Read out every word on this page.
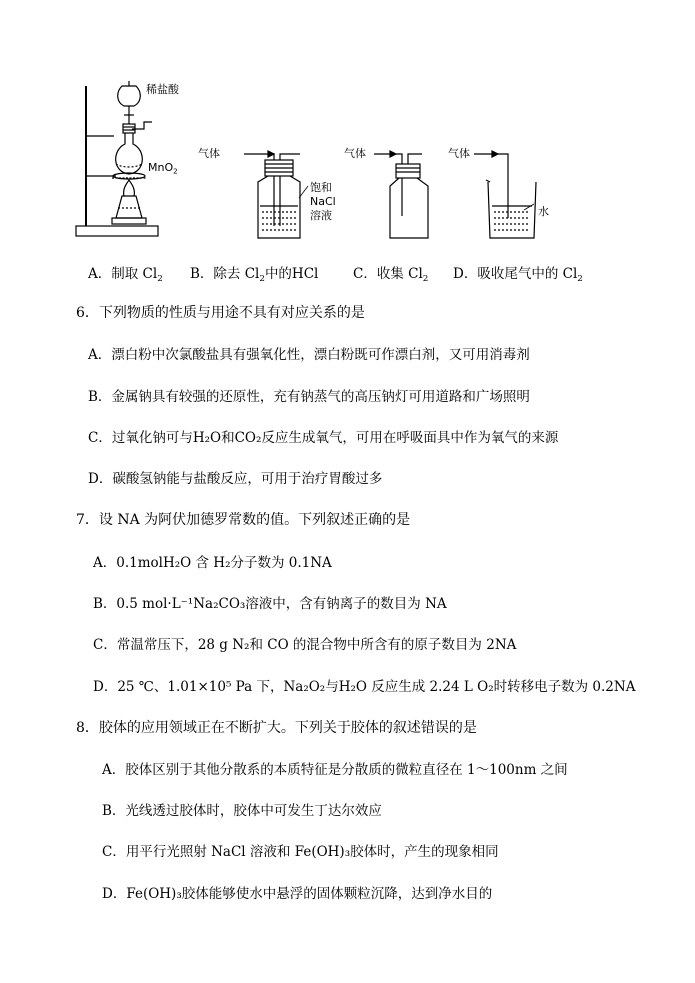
稀盐酸
MnO$_2$
气体
饱和
NaCl
溶液
气体	气体
水
A．制取 $Cl_2$ B．除去 $Cl_2$中的HCl	C．收集 $Cl_2$ D．吸收尾气中的 $Cl_2$
6．下列物质的性质与用途不具有对应关系的是
A．漂白粉中次氯酸盐具有强氧化性，漂白粉既可作漂白剂，又可用消毒剂
B．金属钠具有较强的还原性，充有钠蒸气的高压钠灯可用道路和广场照明
C．过氧化钠可与H₂O和CO₂反应生成氧气，可用在呼吸面具中作为氧气的来源
D．碳酸氢钠能与盐酸反应，可用于治疗胃酸过多
7．设 NA 为阿伏加德罗常数的值。下列叙述正确的是
A．0.1molH₂O 含 H₂分子数为 0.1NA
B．0.5 mol·L⁻¹Na₂CO₃溶液中，含有钠离子的数目为 NA
C．常温常压下，28 g N₂和 CO 的混合物中所含有的原子数目为 2NA
D．25 ℃、1.01×10⁵ Pa 下，Na₂O₂与H₂O 反应生成 2.24 L O₂时转移电子数为 0.2NA
8．胶体的应用领域正在不断扩大。下列关于胶体的叙述错误的是
A．胶体区别于其他分散系的本质特征是分散质的微粒直径在 1～100nm 之间
B．光线透过胶体时，胶体中可发生丁达尔效应
C．用平行光照射 NaCl 溶液和 Fe(OH)₃胶体时，产生的现象相同
D．Fe(OH)₃胶体能够使水中悬浮的固体颗粒沉降，达到净水目的
